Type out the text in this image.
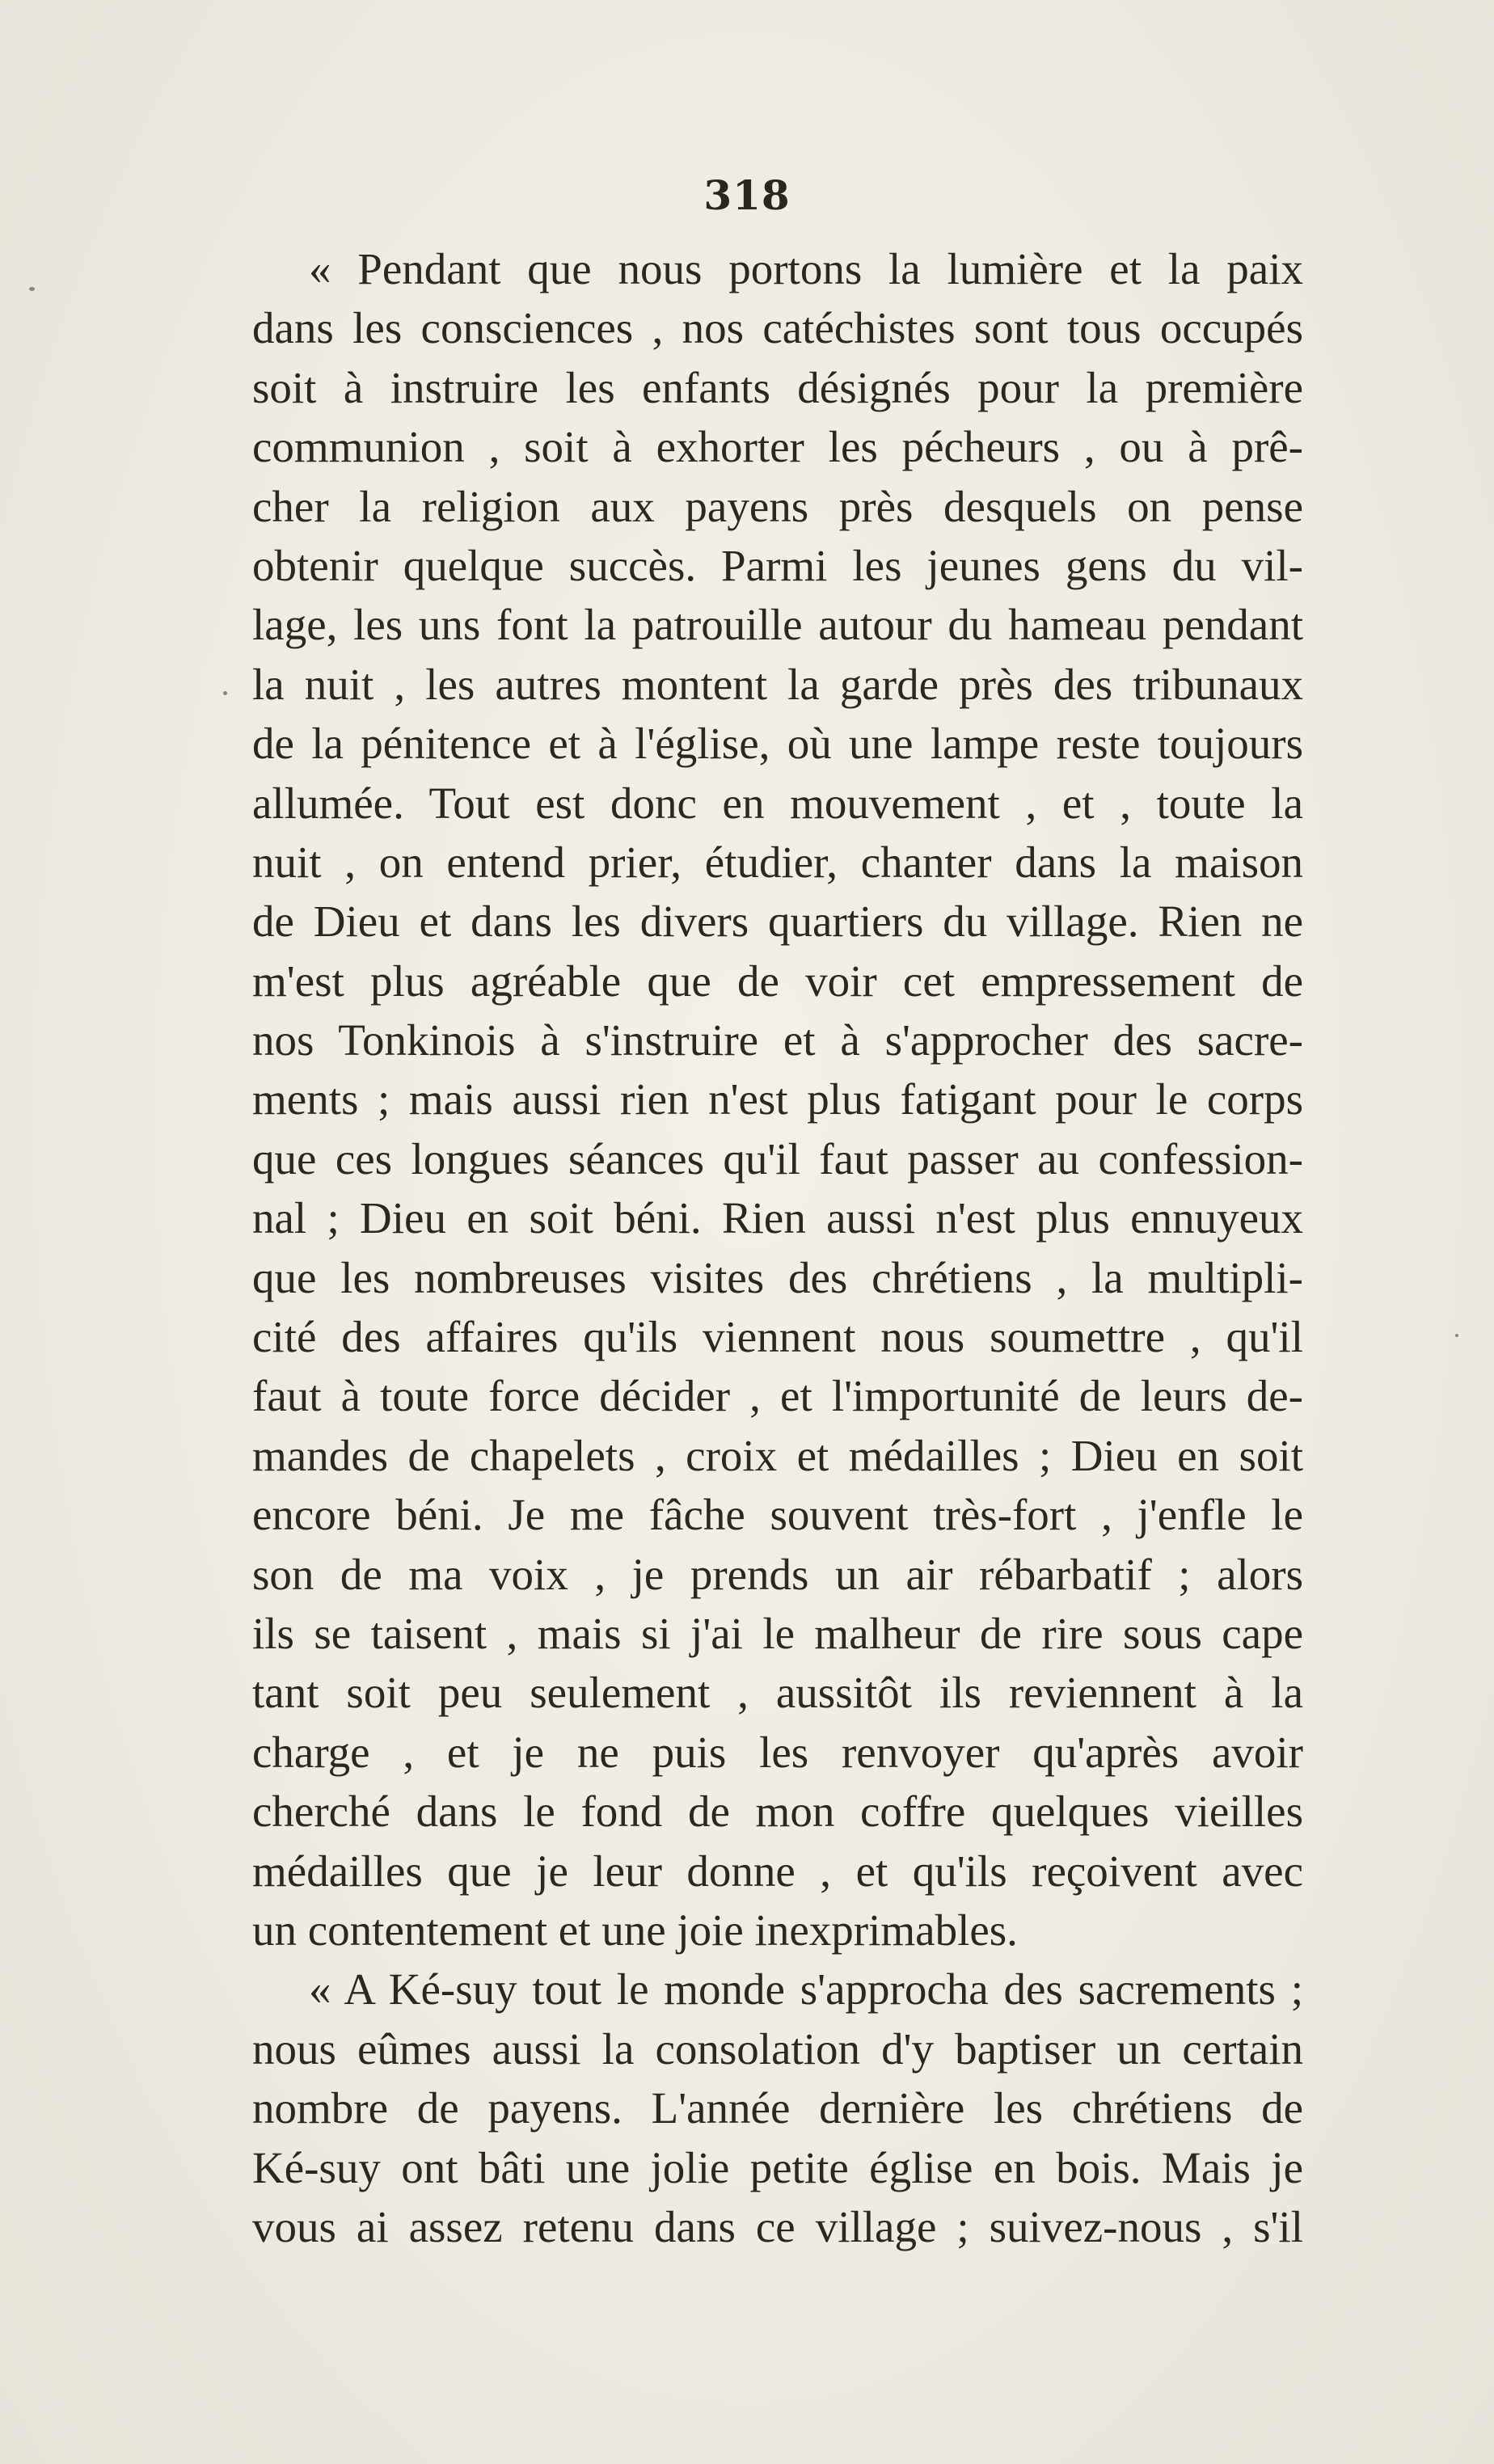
318
« Pendant que nous portons la lumière et la paix
dans les consciences , nos catéchistes sont tous occupés
soit à instruire les enfants désignés pour la première
communion , soit à exhorter les pécheurs , ou à prê-
cher la religion aux payens près desquels on pense
obtenir quelque succès. Parmi les jeunes gens du vil-
lage, les uns font la patrouille autour du hameau pendant
la nuit , les autres montent la garde près des tribunaux
de la pénitence et à l'église, où une lampe reste toujours
allumée. Tout est donc en mouvement , et , toute la
nuit , on entend prier, étudier, chanter dans la maison
de Dieu et dans les divers quartiers du village. Rien ne
m'est plus agréable que de voir cet empressement de
nos Tonkinois à s'instruire et à s'approcher des sacre-
ments ; mais aussi rien n'est plus fatigant pour le corps
que ces longues séances qu'il faut passer au confession-
nal ; Dieu en soit béni. Rien aussi n'est plus ennuyeux
que les nombreuses visites des chrétiens , la multipli-
cité des affaires qu'ils viennent nous soumettre , qu'il
faut à toute force décider , et l'importunité de leurs de-
mandes de chapelets , croix et médailles ; Dieu en soit
encore béni. Je me fâche souvent très-fort , j'enfle le
son de ma voix , je prends un air rébarbatif ; alors
ils se taisent , mais si j'ai le malheur de rire sous cape
tant soit peu seulement , aussitôt ils reviennent à la
charge , et je ne puis les renvoyer qu'après avoir
cherché dans le fond de mon coffre quelques vieilles
médailles que je leur donne , et qu'ils reçoivent avec
un contentement et une joie inexprimables.
« A Ké-suy tout le monde s'approcha des sacrements ;
nous eûmes aussi la consolation d'y baptiser un certain
nombre de payens. L'année dernière les chrétiens de
Ké-suy ont bâti une jolie petite église en bois. Mais je
vous ai assez retenu dans ce village ; suivez-nous , s'il
